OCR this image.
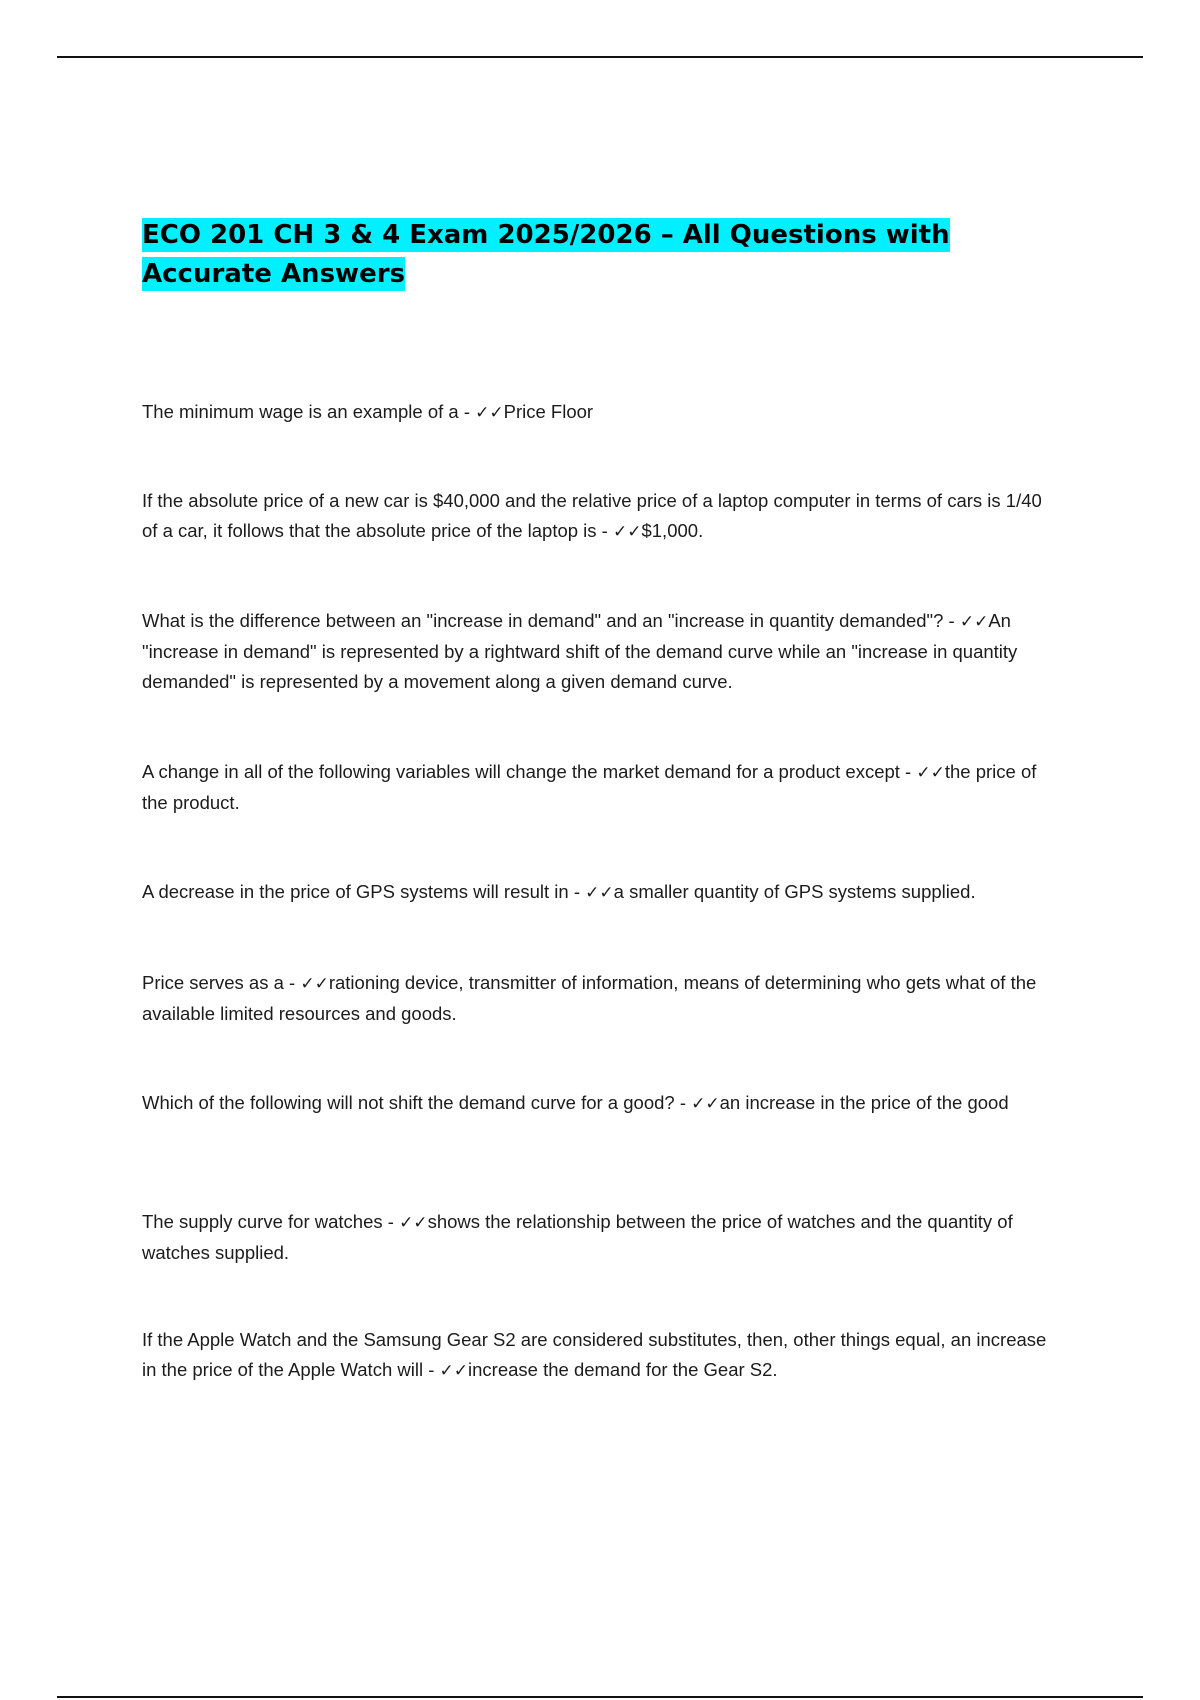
ECO 201 CH 3 & 4 Exam 2025/2026 – All Questions with Accurate Answers

The minimum wage is an example of a - ✓✓Price Floor

If the absolute price of a new car is $40,000 and the relative price of a laptop computer in terms of cars is 1/40 of a car, it follows that the absolute price of the laptop is - ✓✓$1,000.

What is the difference between an "increase in demand" and an "increase in quantity demanded"? - ✓✓An "increase in demand" is represented by a rightward shift of the demand curve while an "increase in quantity demanded" is represented by a movement along a given demand curve.

A change in all of the following variables will change the market demand for a product except - ✓✓the price of the product.

A decrease in the price of GPS systems will result in - ✓✓a smaller quantity of GPS systems supplied.

Price serves as a - ✓✓rationing device, transmitter of information, means of determining who gets what of the available limited resources and goods.

Which of the following will not shift the demand curve for a good? - ✓✓an increase in the price of the good

The supply curve for watches - ✓✓shows the relationship between the price of watches and the quantity of watches supplied.

If the Apple Watch and the Samsung Gear S2 are considered substitutes, then, other things equal, an increase in the price of the Apple Watch will - ✓✓increase the demand for the Gear S2.
